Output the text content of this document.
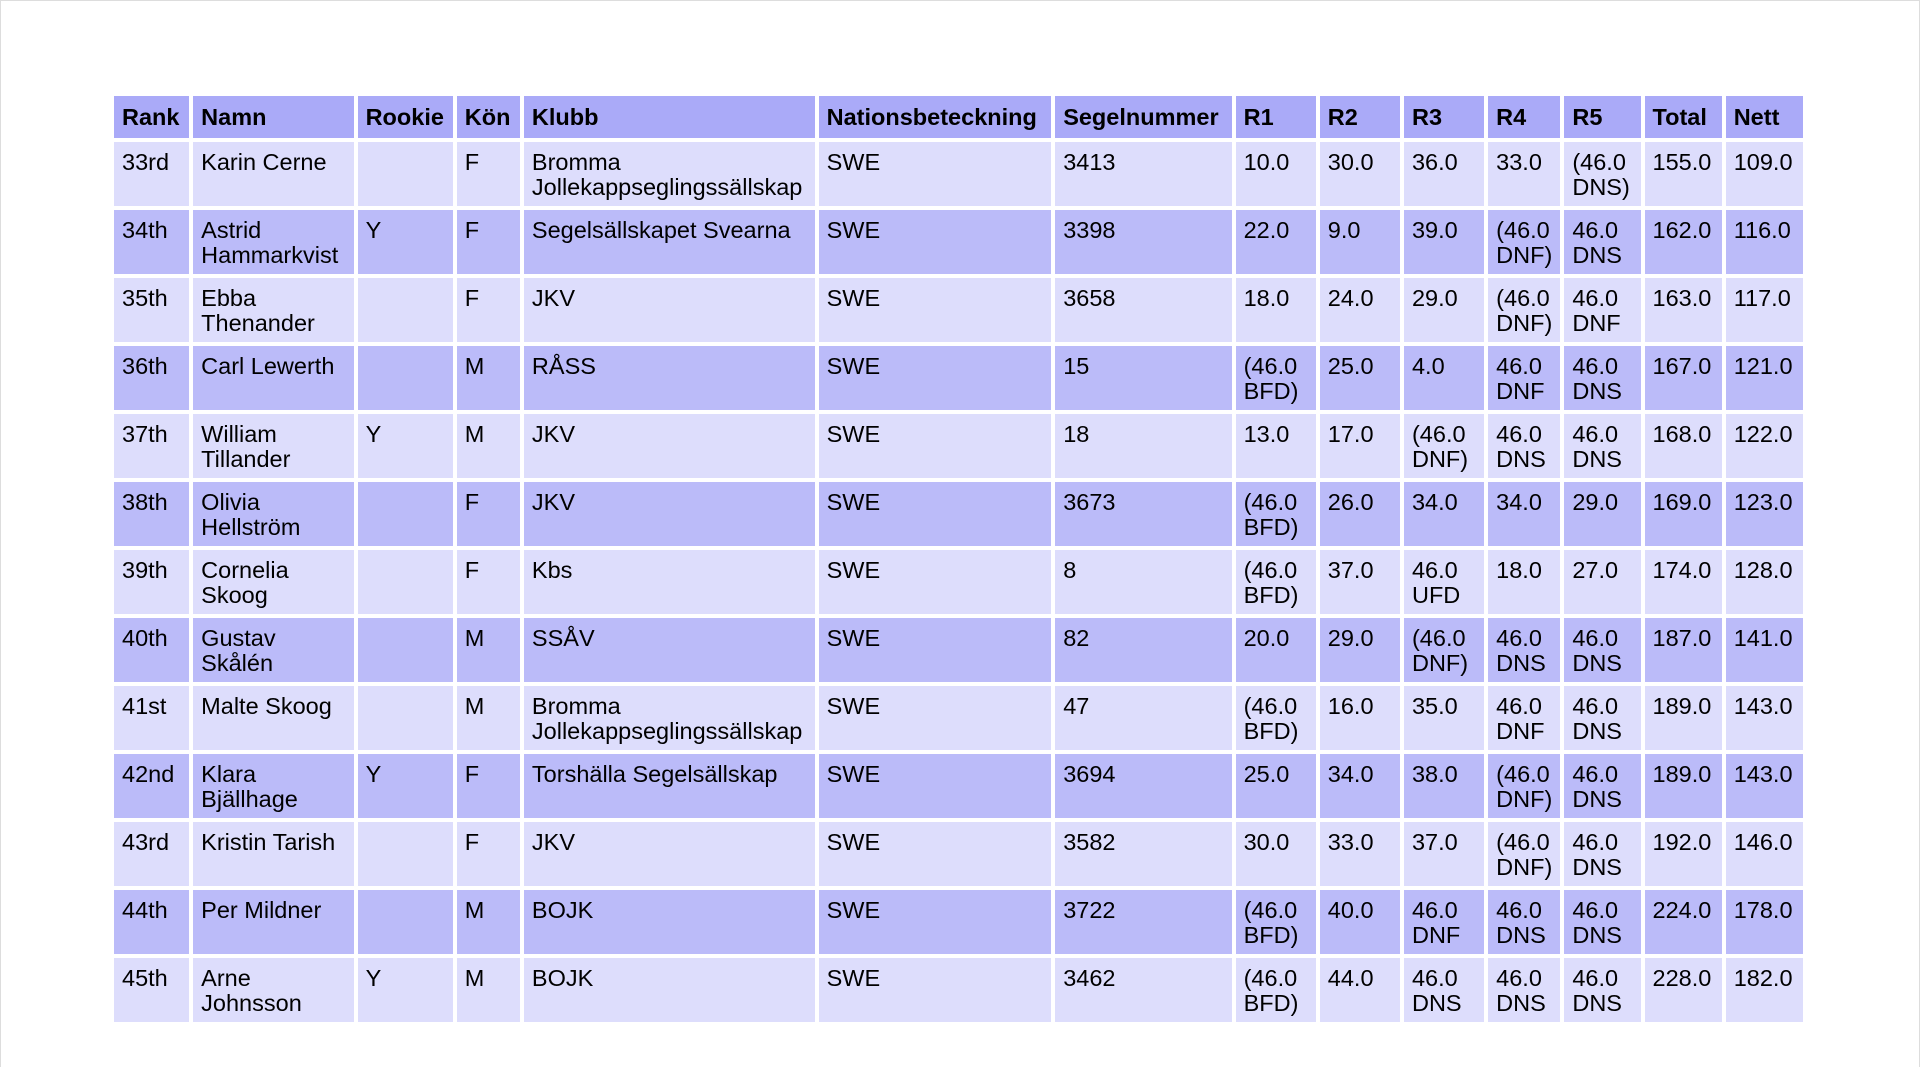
Rank	Namn	Rookie	Kön	Klubb	Nationsbeteckning	Segelnummer	R1	R2	R3	R4	R5	Total	Nett
33rd	Karin Cerne		F	Bromma Jollekappseglingssällskap	SWE	3413	10.0	30.0	36.0	33.0	(46.0 DNS)	155.0	109.0
34th	Astrid Hammarkvist	Y	F	Segelsällskapet Svearna	SWE	3398	22.0	9.0	39.0	(46.0 DNF)	46.0 DNS	162.0	116.0
35th	Ebba Thenander		F	JKV	SWE	3658	18.0	24.0	29.0	(46.0 DNF)	46.0 DNF	163.0	117.0
36th	Carl Lewerth		M	RÅSS	SWE	15	(46.0 BFD)	25.0	4.0	46.0 DNF	46.0 DNS	167.0	121.0
37th	William Tillander	Y	M	JKV	SWE	18	13.0	17.0	(46.0 DNF)	46.0 DNS	46.0 DNS	168.0	122.0
38th	Olivia Hellström		F	JKV	SWE	3673	(46.0 BFD)	26.0	34.0	34.0	29.0	169.0	123.0
39th	Cornelia Skoog		F	Kbs	SWE	8	(46.0 BFD)	37.0	46.0 UFD	18.0	27.0	174.0	128.0
40th	Gustav Skålén		M	SSÅV	SWE	82	20.0	29.0	(46.0 DNF)	46.0 DNS	46.0 DNS	187.0	141.0
41st	Malte Skoog		M	Bromma Jollekappseglingssällskap	SWE	47	(46.0 BFD)	16.0	35.0	46.0 DNF	46.0 DNS	189.0	143.0
42nd	Klara Bjällhage	Y	F	Torshälla Segelsällskap	SWE	3694	25.0	34.0	38.0	(46.0 DNF)	46.0 DNS	189.0	143.0
43rd	Kristin Tarish		F	JKV	SWE	3582	30.0	33.0	37.0	(46.0 DNF)	46.0 DNS	192.0	146.0
44th	Per Mildner		M	BOJK	SWE	3722	(46.0 BFD)	40.0	46.0 DNF	46.0 DNS	46.0 DNS	224.0	178.0
45th	Arne Johnsson	Y	M	BOJK	SWE	3462	(46.0 BFD)	44.0	46.0 DNS	46.0 DNS	46.0 DNS	228.0	182.0
